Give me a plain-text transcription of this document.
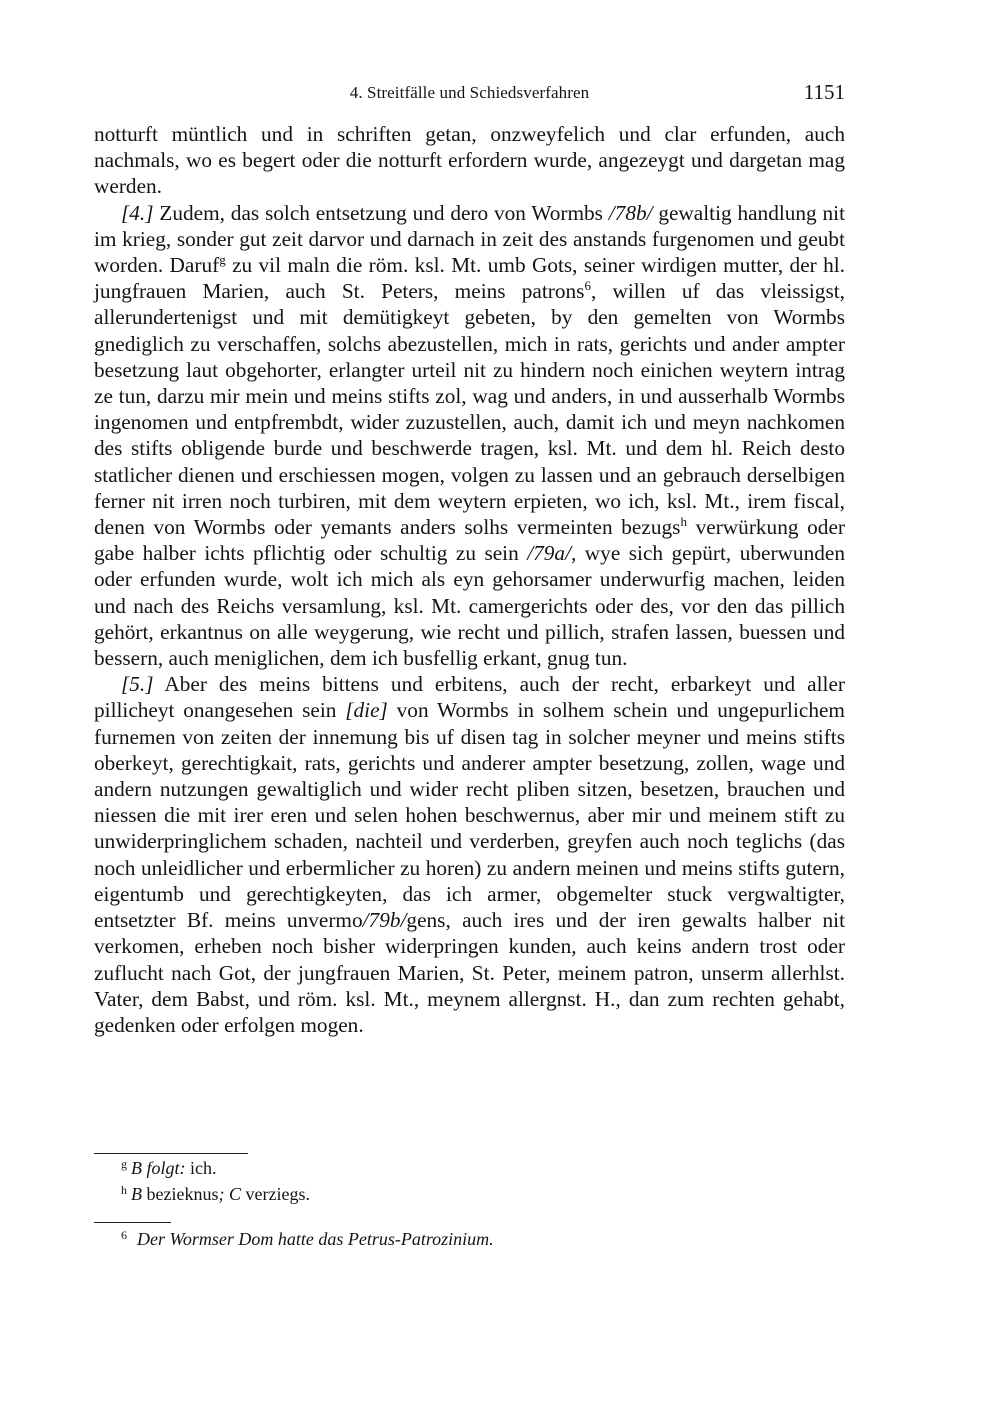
4. Streitfälle und Schiedsverfahren	1151

notturft müntlich und in schriften getan, onzweyfelich und clar erfunden, auch nachmals, wo es begert oder die notturft erfordern wurde, angezeygt und dargetan mag werden.

[4.] Zudem, das solch entsetzung und dero von Wormbs /78b/ gewaltig handlung nit im krieg, sonder gut zeit darvor und darnach in zeit des anstands furgenomen und geubt worden. Daruf$^g$ zu vil maln die röm. ksl. Mt. umb Gots, seiner wirdigen mutter, der hl. jungfrauen Marien, auch St. Peters, meins patrons$^6$, willen uf das vleissigst, allerundertenigst und mit demütigkeyt gebeten, by den gemelten von Wormbs gnediglich zu verschaffen, solchs abezustellen, mich in rats, gerichts und ander ampter besetzung laut obgehorter, erlangter urteil nit zu hindern noch einichen weytern intrag ze tun, darzu mir mein und meins stifts zol, wag und anders, in und ausserhalb Wormbs ingenomen und entpfrembdt, wider zuzustellen, auch, damit ich und meyn nachkomen des stifts obligende burde und beschwerde tragen, ksl. Mt. und dem hl. Reich desto statlicher dienen und erschiessen mogen, volgen zu lassen und an gebrauch derselbigen ferner nit irren noch turbiren, mit dem weytern erpieten, wo ich, ksl. Mt., irem fiscal, denen von Wormbs oder yemants anders solhs vermeinten bezugs$^h$ verwürkung oder gabe halber ichts pflichtig oder schultig zu sein /79a/, wye sich gepürt, uberwunden oder erfunden wurde, wolt ich mich als eyn gehorsamer underwurfig machen, leiden und nach des Reichs versamlung, ksl. Mt. camergerichts oder des, vor den das pillich gehört, erkantnus on alle weygerung, wie recht und pillich, strafen lassen, buessen und bessern, auch meniglichen, dem ich busfellig erkant, gnug tun.

[5.] Aber des meins bittens und erbitens, auch der recht, erbarkeyt und aller pillicheyt onangesehen sein [die] von Wormbs in solhem schein und ungepurlichem furnemen von zeiten der innemung bis uf disen tag in solcher meyner und meins stifts oberkeyt, gerechtigkait, rats, gerichts und anderer ampter besetzung, zollen, wage und andern nutzungen gewaltiglich und wider recht pliben sitzen, besetzen, brauchen und niessen die mit irer eren und selen hohen beschwernus, aber mir und meinem stift zu unwiderpringlichem schaden, nachteil und verderben, greyfen auch noch teglichs (das noch unleidlicher und erbermlicher zu horen) zu andern meinen und meins stifts gutern, eigentumb und gerechtigkeyten, das ich armer, obgemelter stuck vergwaltigter, entsetzter Bf. meins unvermo/79b/gens, auch ires und der iren gewalts halber nit verkomen, erheben noch bisher widerpringen kunden, auch keins andern trost oder zuflucht nach Got, der jungfrauen Marien, St. Peter, meinem patron, unserm allerhlst. Vater, dem Babst, und röm. ksl. Mt., meynem allergnst. H., dan zum rechten gehabt, gedenken oder erfolgen mogen.

$^g$ B folgt: ich.
$^h$ B bezieknus; C verziegs.
$^6$ Der Wormser Dom hatte das Petrus-Patrozinium.
